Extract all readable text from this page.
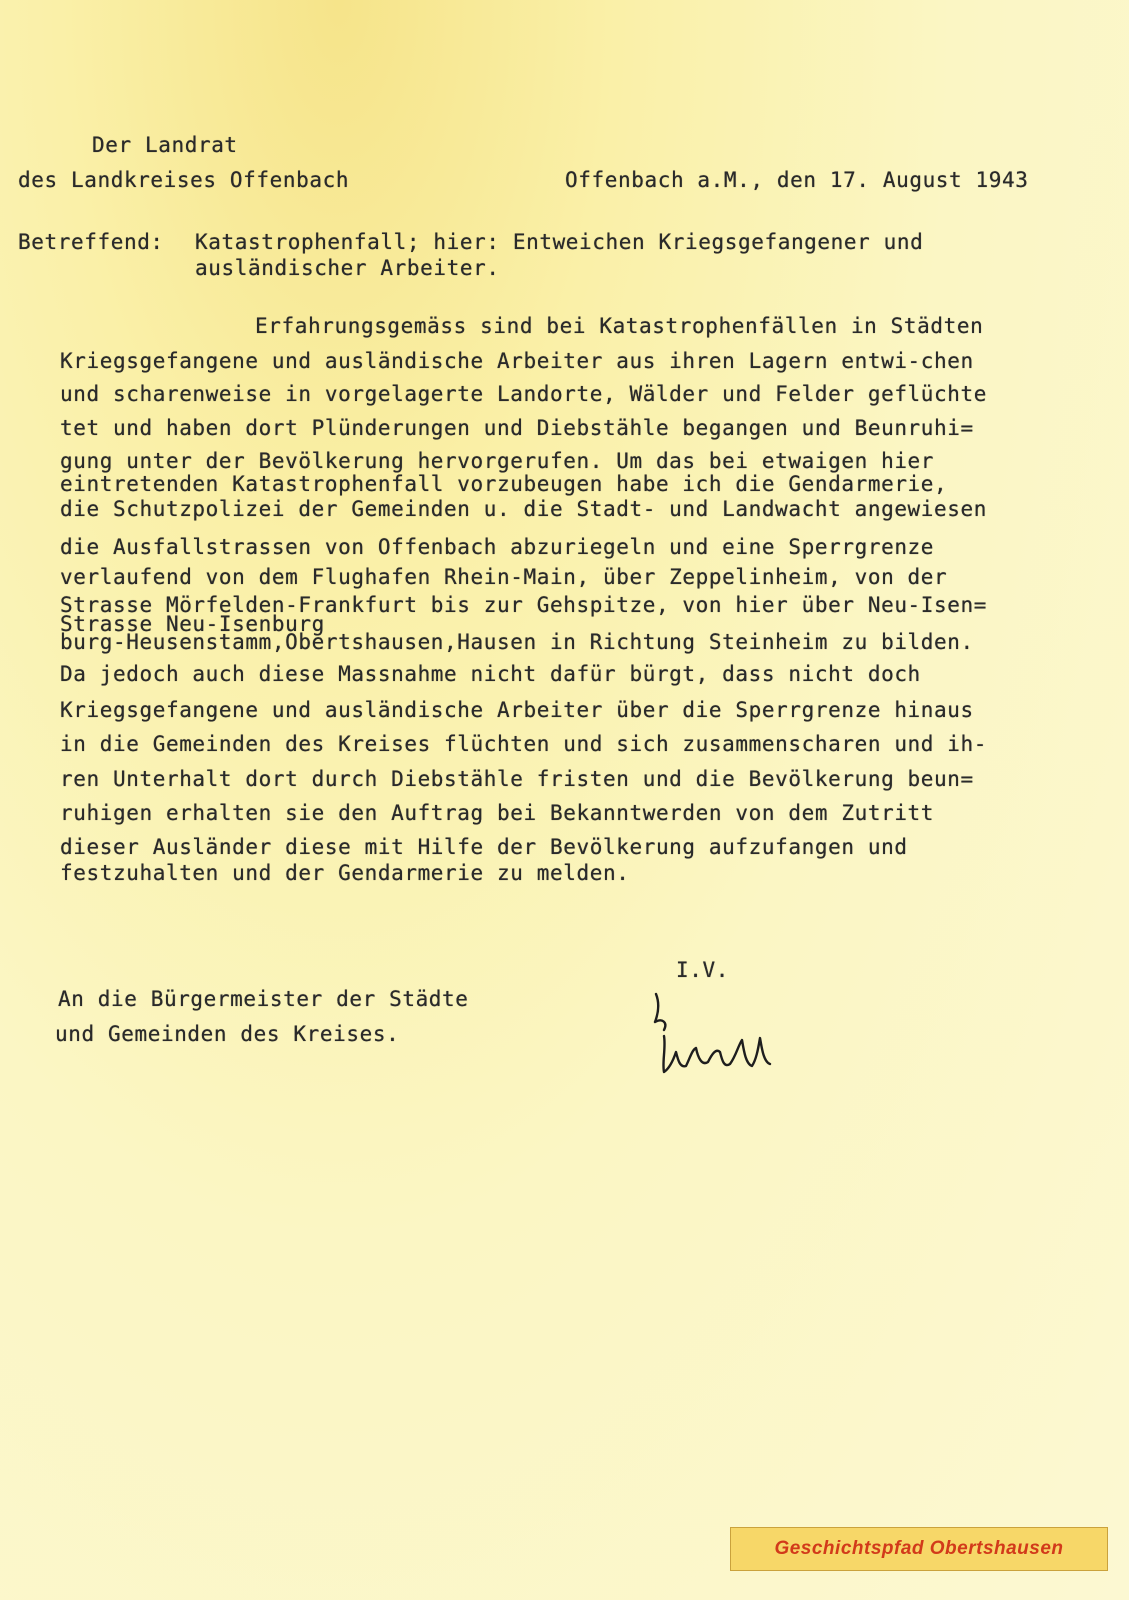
Der Landrat
des Landkreises Offenbach	Offenbach a.M., den 17. August 1943
Betreffend: Katastrophenfall; hier: Entweichen Kriegsgefangener und
ausländischer Arbeiter.
Erfahrungsgemäss sind bei Katastrophenfällen in Städten
Kriegsgefangene und ausländische Arbeiter aus ihren Lagern entwi-chen
und scharenweise in vorgelagerte Landorte, Wälder und Felder geflüchte
tet und haben dort Plünderungen und Diebstähle begangen und Beunruhi=
gung unter der Bevölkerung hervorgerufen. Um das bei etwaigen hier
eintretenden Katastrophenfall vorzubeugen habe ich die Gendarmerie,
die Schutzpolizei der Gemeinden u. die Stadt- und Landwacht angewiesen
die Ausfallstrassen von Offenbach abzuriegeln und eine Sperrgrenze
verlaufend von dem Flughafen Rhein-Main, über Zeppelinheim, von der
Strasse Mörfelden-Frankfurt bis zur Gehspitze, von hier über Neu-Isen=
Strasse Neu-Isenburg
burg-Heusenstamm,Obertshausen,Hausen in Richtung Steinheim zu bilden.
Da jedoch auch diese Massnahme nicht dafür bürgt, dass nicht doch
Kriegsgefangene und ausländische Arbeiter über die Sperrgrenze hinaus
in die Gemeinden des Kreises flüchten und sich zusammenscharen und ih-
ren Unterhalt dort durch Diebstähle fristen und die Bevölkerung beun=
ruhigen erhalten sie den Auftrag bei Bekanntwerden von dem Zutritt
dieser Ausländer diese mit Hilfe der Bevölkerung aufzufangen und
festzuhalten und der Gendarmerie zu melden.
I.V.
An die Bürgermeister der Städte
und Gemeinden des Kreises.
Geschichtspfad Obertshausen
